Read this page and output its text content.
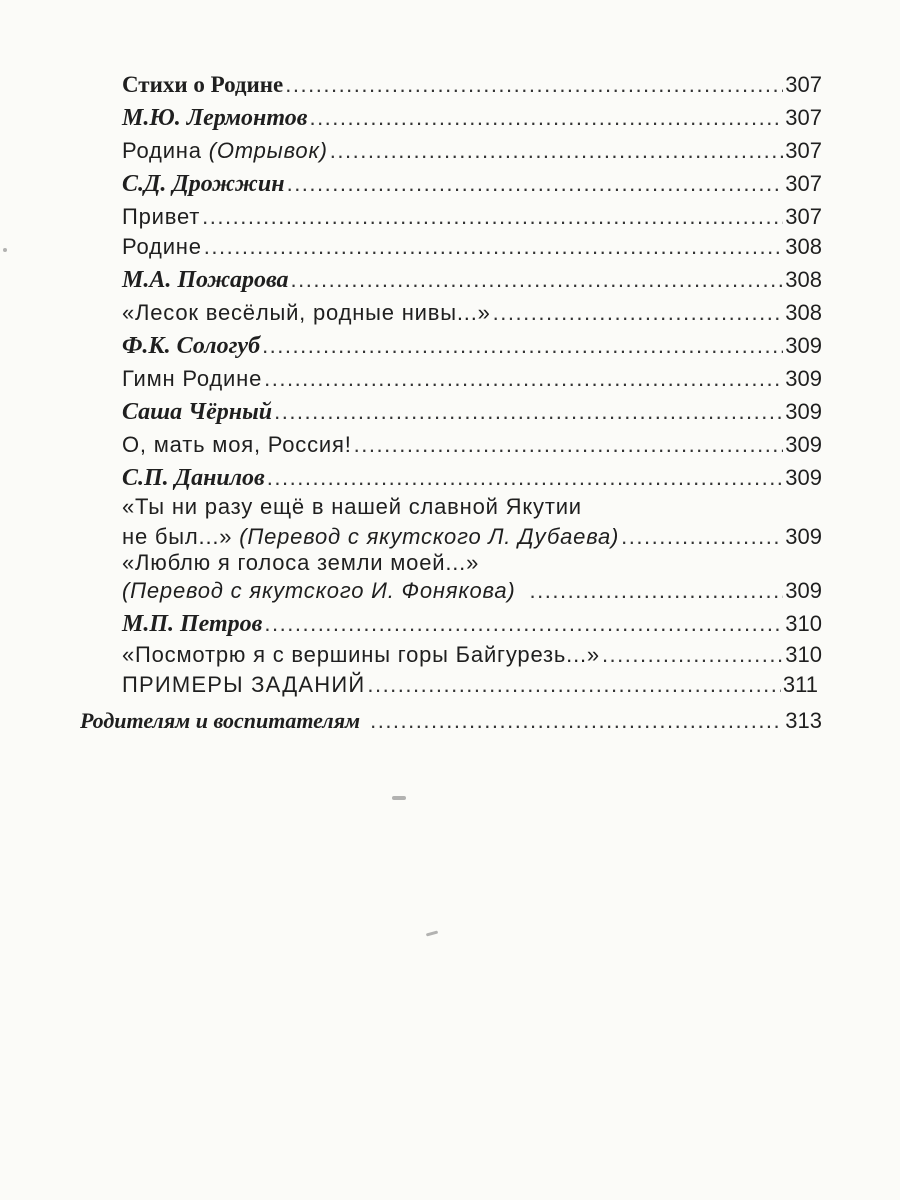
Стихи о Родине .....	307
М.Ю. Лермонтов .....	307
Родина (Отрывок) .....	307
С.Д. Дрожжин .....	307
Привет .....	307
Родине .....	308
М.А. Пожарова .....	308
«Лесок весёлый, родные нивы...» .....	308
Ф.К. Сологуб .....	309
Гимн Родине .....	309
Саша Чёрный .....	309
О, мать моя, Россия! .....	309
С.П. Данилов .....	309
«Ты ни разу ещё в нашей славной Якутии
не был...» (Перевод с якутского Л. Дубаева) .....	309
«Люблю я голоса земли моей...»
(Перевод с якутского И. Фонякова) .....	309
М.П. Петров .....	310
«Посмотрю я с вершины горы Байгурезь...» .....	310
ПРИМЕРЫ ЗАДАНИЙ .....	311
Родителям и воспитателям .....	313
